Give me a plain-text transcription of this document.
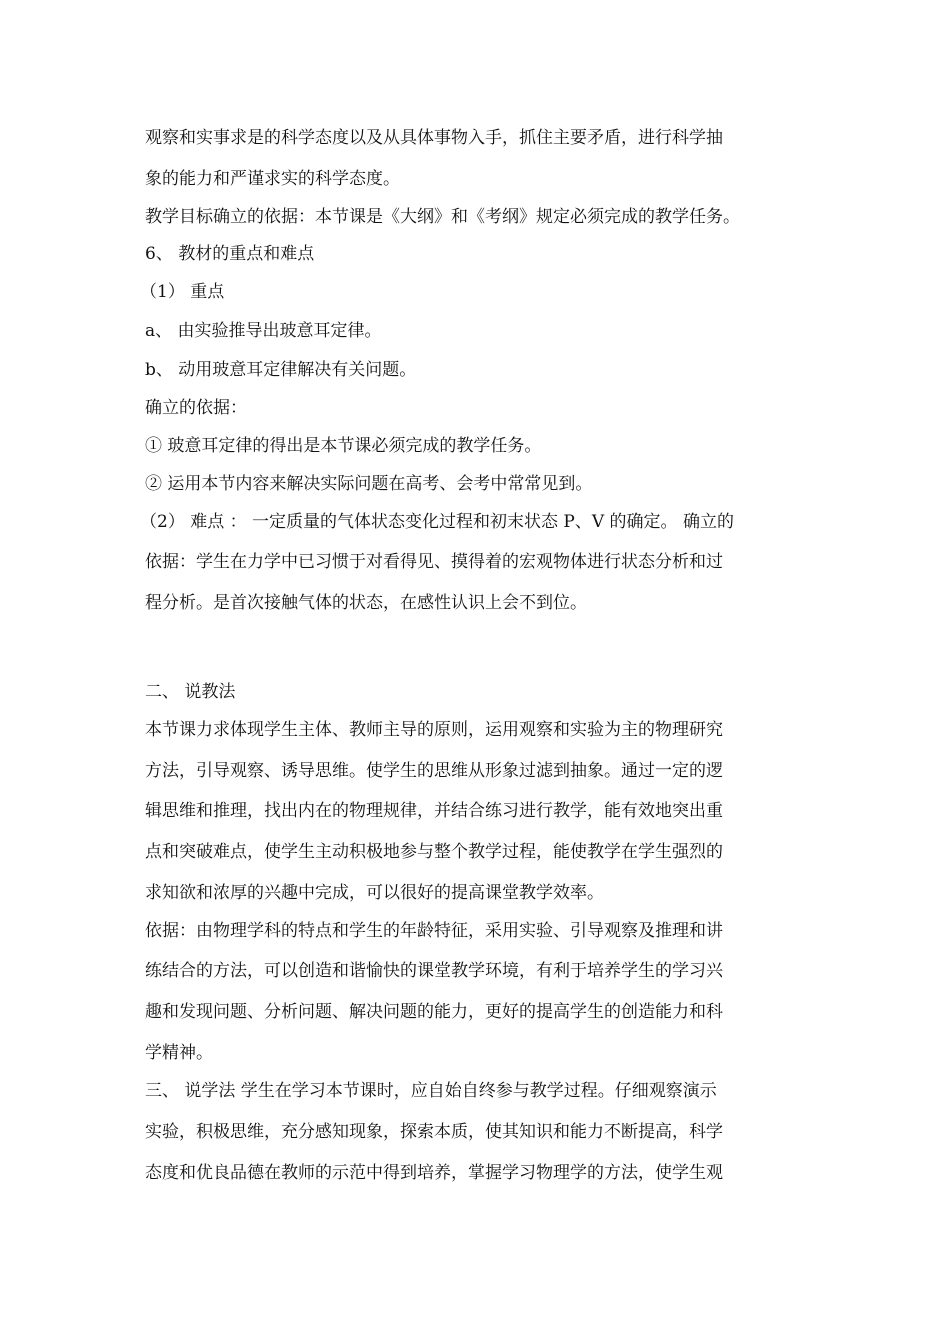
观察和实事求是的科学态度以及从具体事物入手，抓住主要矛盾，进行科学抽
象的能力和严谨求实的科学态度。
教学目标确立的依据：本节课是《大纲》和《考纲》规定必须完成的教学任务。
6、 教材的重点和难点
（1） 重点
a、 由实验推导出玻意耳定律。
b、 动用玻意耳定律解决有关问题。
确立的依据：
① 玻意耳定律的得出是本节课必须完成的教学任务。
② 运用本节内容来解决实际问题在高考、会考中常常见到。
（2） 难点 ： 一定质量的气体状态变化过程和初末状态 P、V 的确定。 确立的
依据：学生在力学中已习惯于对看得见、摸得着的宏观物体进行状态分析和过
程分析。是首次接触气体的状态，在感性认识上会不到位。
二、 说教法
本节课力求体现学生主体、教师主导的原则，运用观察和实验为主的物理研究
方法，引导观察、诱导思维。使学生的思维从形象过滤到抽象。通过一定的逻
辑思维和推理，找出内在的物理规律，并结合练习进行教学，能有效地突出重
点和突破难点，使学生主动积极地参与整个教学过程，能使教学在学生强烈的
求知欲和浓厚的兴趣中完成，可以很好的提高课堂教学效率。
依据：由物理学科的特点和学生的年龄特征，采用实验、引导观察及推理和讲
练结合的方法，可以创造和谐愉快的课堂教学环境，有利于培养学生的学习兴
趣和发现问题、分析问题、解决问题的能力，更好的提高学生的创造能力和科
学精神。
三、 说学法 学生在学习本节课时，应自始自终参与教学过程。仔细观察演示
实验，积极思维，充分感知现象，探索本质，使其知识和能力不断提高，科学
态度和优良品德在教师的示范中得到培养，掌握学习物理学的方法，使学生观
